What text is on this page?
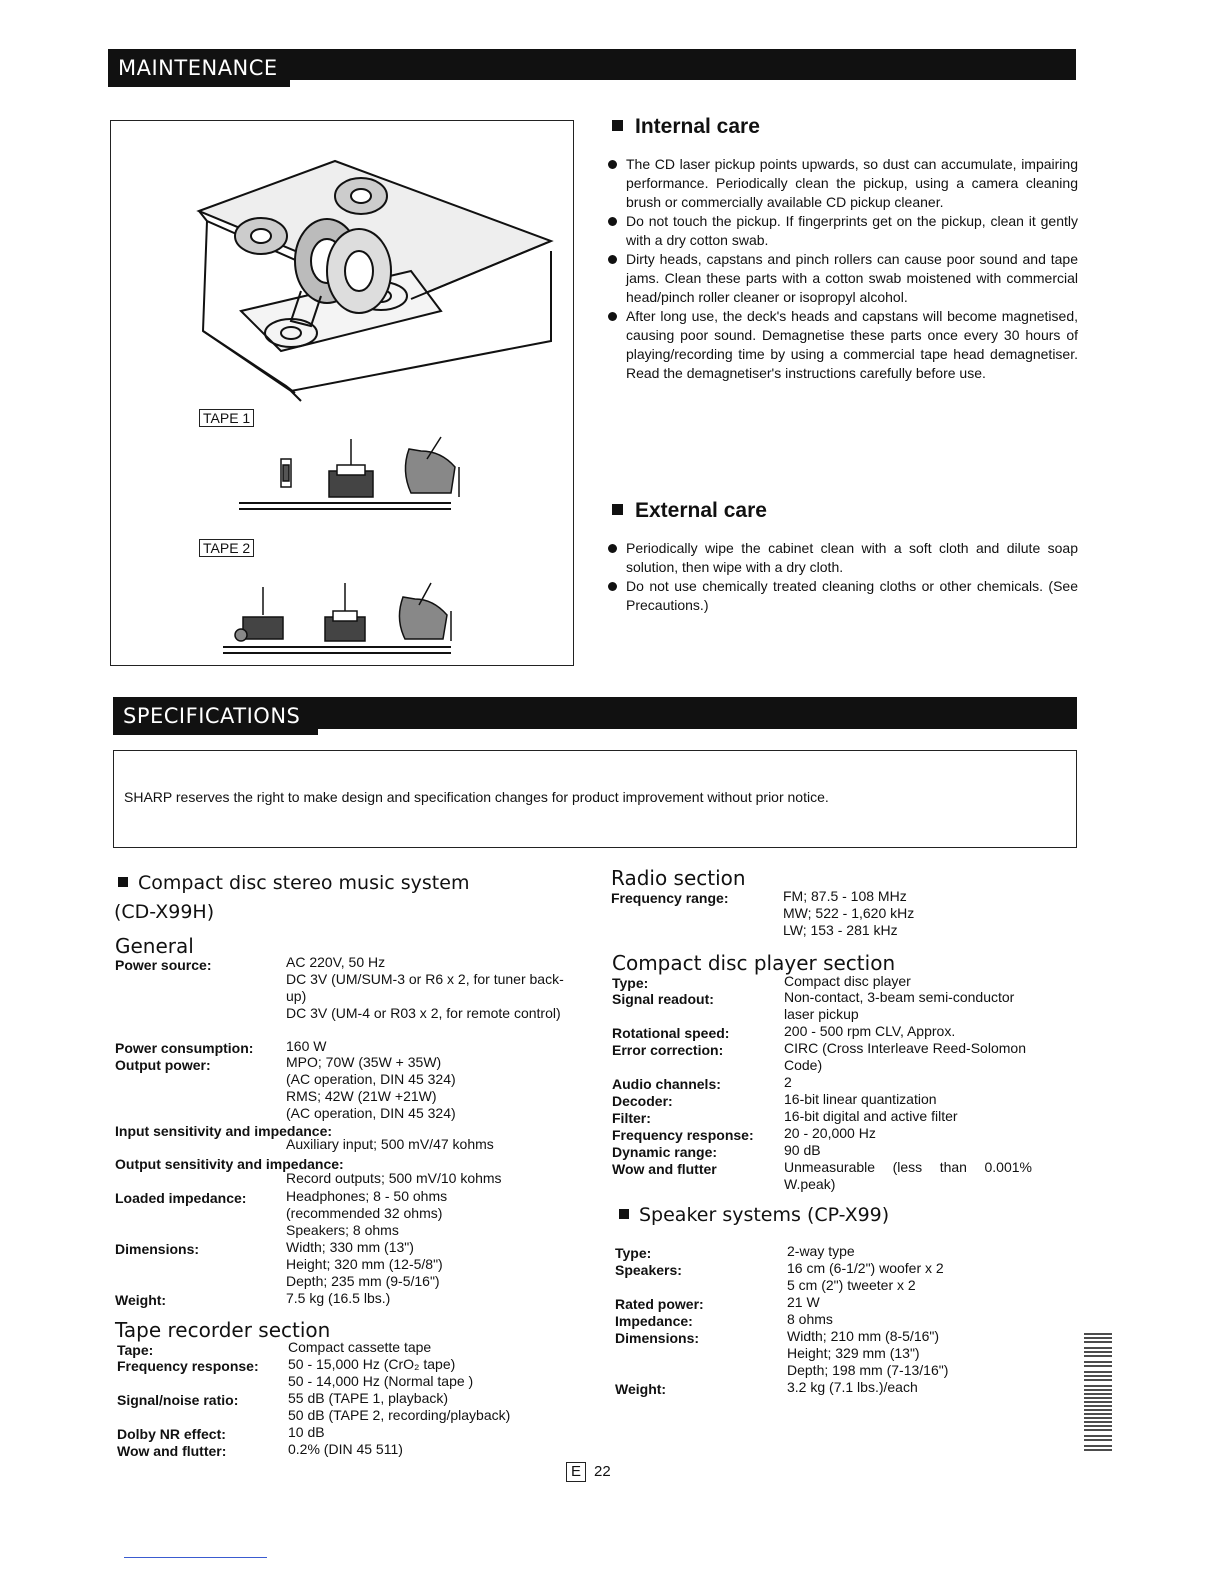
MAINTENANCE
TAPE 1
TAPE 2
Internal care
The CD laser pickup points upwards, so dust can accumulate, impairing performance. Periodically clean the pickup, using a camera cleaning brush or commercially available CD pickup cleaner.
Do not touch the pickup. If fingerprints get on the pickup, clean it gently with a dry cotton swab.
Dirty heads, capstans and pinch rollers can cause poor sound and tape jams. Clean these parts with a cotton swab moistened with commercial head/pinch roller cleaner or isopropyl alcohol.
After long use, the deck's heads and capstans will become magnetised, causing poor sound. Demagnetise these parts once every 30 hours of playing/recording time by using a commercial tape head demagnetiser. Read the demagnetiser's instructions carefully before use.
External care
Periodically wipe the cabinet clean with a soft cloth and dilute soap solution, then wipe with a dry cloth.
Do not use chemically treated cleaning cloths or other chemicals. (See Precautions.)
SPECIFICATIONS

SHARP reserves the right to make design and specification changes for product improvement without prior notice.

Compact disc stereo music system
(CD-X99H)
General
Power source:	AC 220V, 50 Hz
DC 3V (UM/SUM-3 or R6 x 2, for tuner back-up)
DC 3V (UM-4 or R03 x 2, for remote control)
Power consumption: 160 W
Output power:	MPO; 70W (35W + 35W)
(AC operation, DIN 45 324)
RMS; 42W (21W +21W)
(AC operation, DIN 45 324)
Input sensitivity and impedance:
Auxiliary input; 500 mV/47 kohms
Output sensitivity and impedance:
Record outputs; 500 mV/10 kohms
Loaded impedance:	Headphones; 8 - 50 ohms
(recommended 32 ohms)
Speakers; 8 ohms
Dimensions:	Width; 330 mm (13")
Height; 320 mm (12-5/8")
Depth; 235 mm (9-5/16")
Weight:	7.5 kg (16.5 lbs.)
Tape recorder section
Tape:	Compact cassette tape
Frequency response: 50 - 15,000 Hz (CrO₂ tape)
50 - 14,000 Hz (Normal tape )
Signal/noise ratio:	55 dB (TAPE 1, playback)
50 dB (TAPE 2, recording/playback)
Dolby NR effect:	10 dB
Wow and flutter:	0.2% (DIN 45 511)
Radio section
Frequency range:	FM; 87.5 - 108 MHz
MW; 522 - 1,620 kHz
LW; 153 - 281 kHz
Compact disc player section
Type:	Compact disc player
Signal readout:	Non-contact, 3-beam semi-conductor
laser pickup
Rotational speed:	200 - 500 rpm CLV, Approx.
Error correction:	CIRC (Cross Interleave Reed-Solomon
Code)
Audio channels:	2
Decoder:	16-bit linear quantization
Filter:	16-bit digital and active filter
Frequency response: 20 - 20,000 Hz
Dynamic range:	90 dB
Wow and flutter	Unmeasurable (less than 0.001%
W.peak)
Speaker systems (CP-X99)
Type:	2-way type
Speakers:	16 cm (6-1/2") woofer x 2
5 cm (2") tweeter x 2
Rated power:	21 W
Impedance:	8 ohms
Dimensions:	Width; 210 mm (8-5/16")
Height; 329 mm (13")
Depth; 198 mm (7-13/16")
Weight:	3.2 kg (7.1 lbs.)/each
E 22
